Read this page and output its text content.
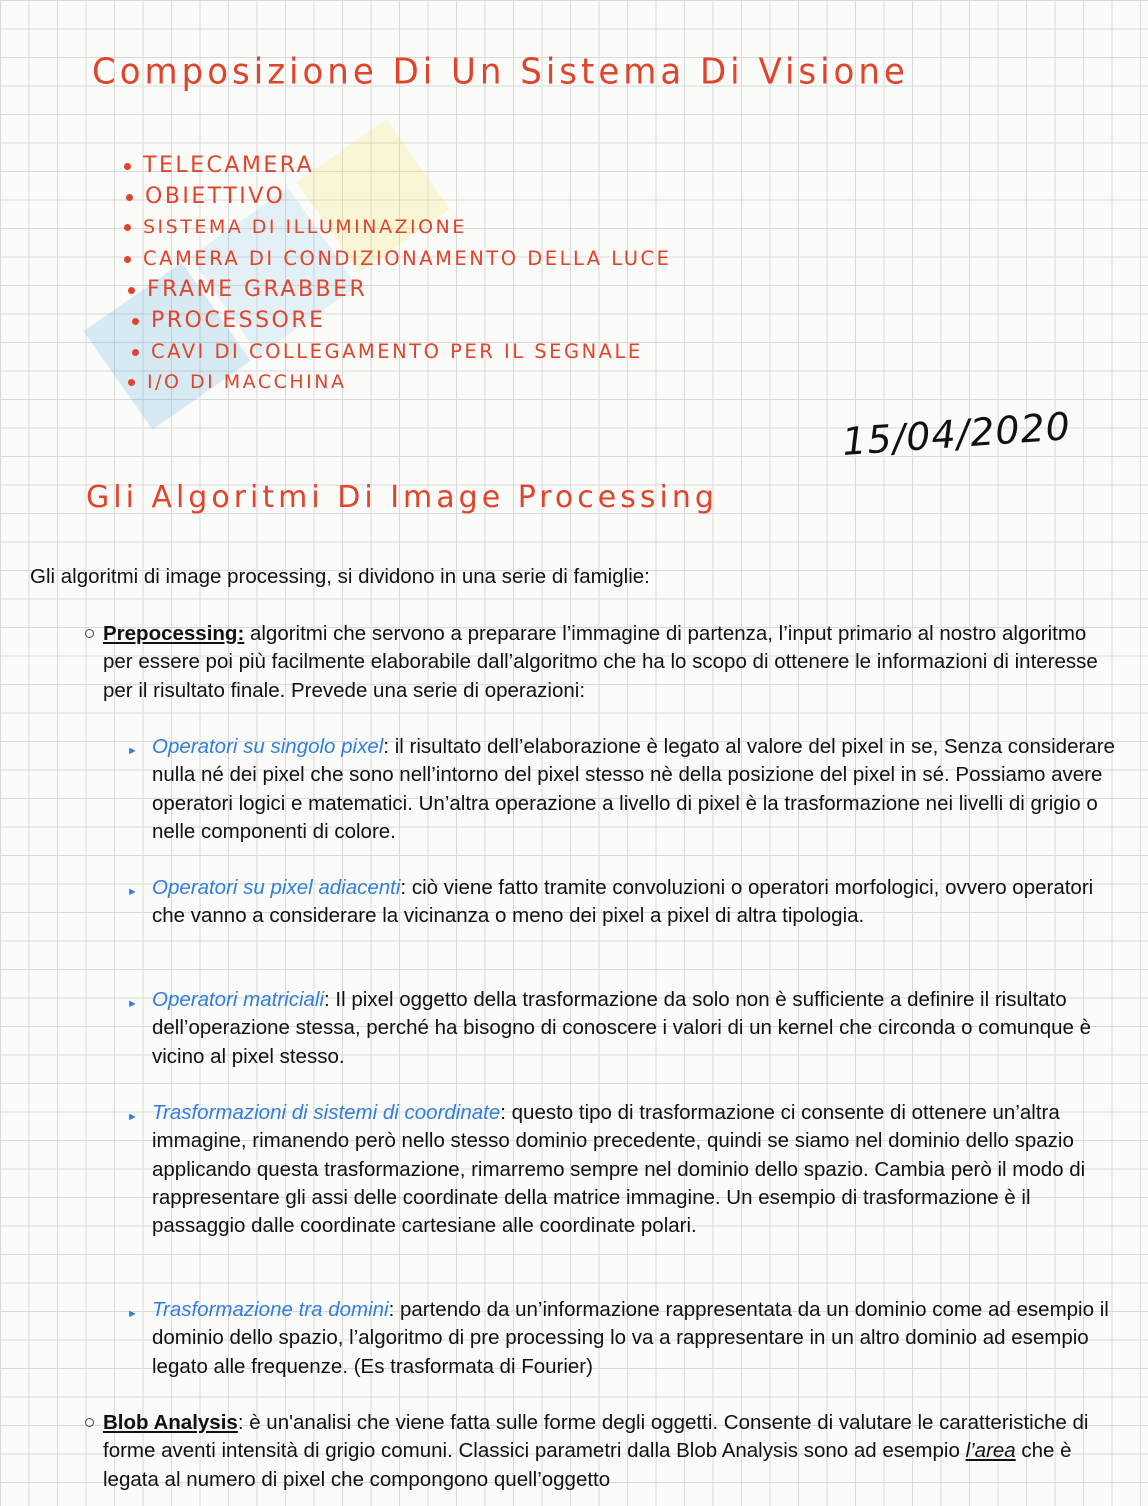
Composizione Di Un Sistema Di Visione
TELECAMERA
OBIETTIVO
SISTEMA DI ILLUMINAZIONE
CAMERA DI CONDIZIONAMENTO DELLA LUCE
FRAME GRABBER
PROCESSORE
CAVI DI COLLEGAMENTO PER IL SEGNALE
I/O DI MACCHINA
15/04/2020
Gli Algoritmi Di Image Processing
Gli algoritmi di image processing, si dividono in una serie di famiglie:
Prepocessing: algoritmi che servono a preparare l’immagine di partenza, l’input primario al nostro algoritmo per essere poi più facilmente elaborabile dall’algoritmo che ha lo scopo di ottenere le informazioni di interesse per il risultato finale. Prevede una serie di operazioni:
► Operatori su singolo pixel: il risultato dell’elaborazione è legato al valore del pixel in se, Senza considerare nulla né dei pixel che sono nell’intorno del pixel stesso nè della posizione del pixel in sé. Possiamo avere operatori logici e matematici. Un’altra operazione a livello di pixel è la trasformazione nei livelli di grigio o nelle componenti di colore.
► Operatori su pixel adiacenti: ciò viene fatto tramite convoluzioni o operatori morfologici, ovvero operatori che vanno a considerare la vicinanza o meno dei pixel a pixel di altra tipologia.
► Operatori matriciali: Il pixel oggetto della trasformazione da solo non è sufficiente a definire il risultato dell’operazione stessa, perché ha bisogno di conoscere i valori di un kernel che circonda o comunque è vicino al pixel stesso.
► Trasformazioni di sistemi di coordinate: questo tipo di trasformazione ci consente di ottenere un’altra immagine, rimanendo però nello stesso dominio precedente, quindi se siamo nel dominio dello spazio applicando questa trasformazione, rimarremo sempre nel dominio dello spazio. Cambia però il modo di rappresentare gli assi delle coordinate della matrice immagine. Un esempio di trasformazione è il passaggio dalle coordinate cartesiane alle coordinate polari.
► Trasformazione tra domini: partendo da un’informazione rappresentata da un dominio come ad esempio il dominio dello spazio, l’algoritmo di pre processing lo va a rappresentare in un altro dominio ad esempio legato alle frequenze. (Es trasformata di Fourier)
Blob Analysis: è un'analisi che viene fatta sulle forme degli oggetti. Consente di valutare le caratteristiche di forme aventi intensità di grigio comuni. Classici parametri dalla Blob Analysis sono ad esempio l’area che è legata al numero di pixel che compongono quell’oggetto
